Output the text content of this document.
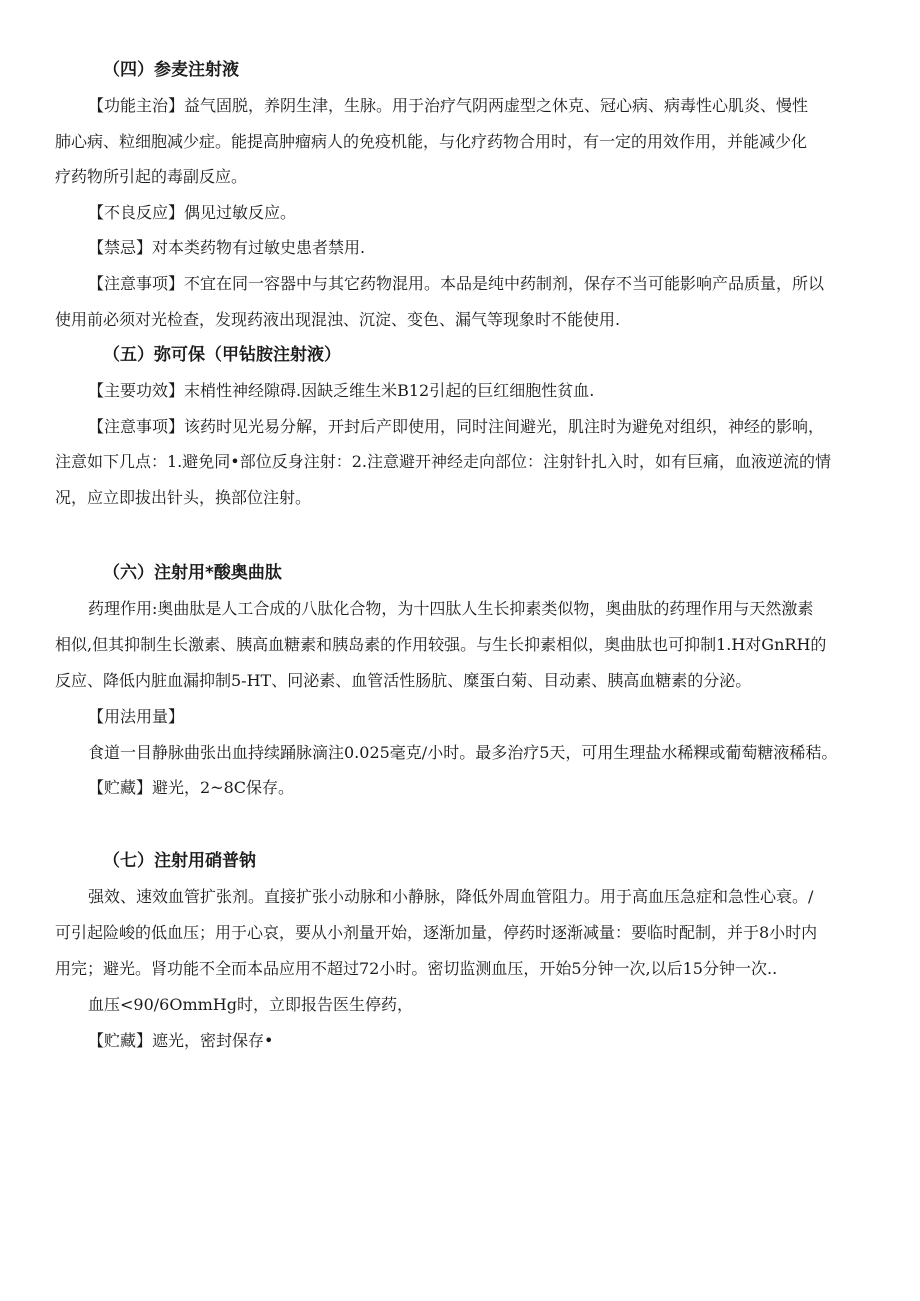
（四）参麦注射液
【功能主治】益气固脱，养阴生津，生脉。用于治疗气阴两虚型之休克、冠心病、病毒性心肌炎、慢性
肺心病、粒细胞减少症。能提高肿瘤病人的免疫机能，与化疗药物合用时，有一定的用效作用，并能减少化
疗药物所引起的毒副反应。
【不良反应】偶见过敏反应。
【禁忌】对本类药物有过敏史患者禁用.
【注意事项】不宜在同一容器中与其它药物混用。本品是纯中药制剂，保存不当可能影响产品质量，所以
使用前必须对光检查，发现药液出现混浊、沉淀、变色、漏气等现象时不能使用.
（五）弥可保（甲钻胺注射液）
【主要功效】末梢性神经隙碍.因缺乏维生米B12引起的巨红细胞性贫血.
【注意事项】该药时见光易分解，开封后产即使用，同时注间避光，肌注时为避免对组织，神经的影响，
注意如下几点：1.避免同•部位反身注射：2.注意避开神经走向部位：注射针扎入时，如有巨痛，血液逆流的情
况，应立即拔出针头，换部位注射。
（六）注射用*酸奥曲肽
药理作用:奥曲肽是人工合成的八肽化合物，为十四肽人生长抑素类似物，奥曲肽的药理作用与天然激素
相似,但其抑制生长激素、胰高血糖素和胰岛素的作用较强。与生长抑素相似，奥曲肽也可抑制1.H对GnRH的
反应、降低内脏血漏抑制5-HT、冋泌素、血管活性肠肮、糜蛋白菊、目动素、胰高血糖素的分泌。
【用法用量】
食道一目静脉曲张出血持续踊脉滴注0.025毫克/小时。最多治疗5天，可用生理盐水稀粿或葡萄糖液稀秸。
【贮藏】避光，2~8C保存。
（七）注射用硝普钠
强效、速效血管扩张剂。直接扩张小动脉和小静脉，降低外周血管阻力。用于高血压急症和急性心衰。/
可引起险峻的低血压；用于心哀，要从小剂量开始，逐渐加量，停药时逐渐减量：要临时配制，并于8小时内
用完；避光。肾功能不全而本品应用不超过72小时。密切监测血压，开始5分钟一次,以后15分钟一次..
血压<90/6OmmHg时，立即报告医生停药，
【贮藏】遮光，密封保存•
